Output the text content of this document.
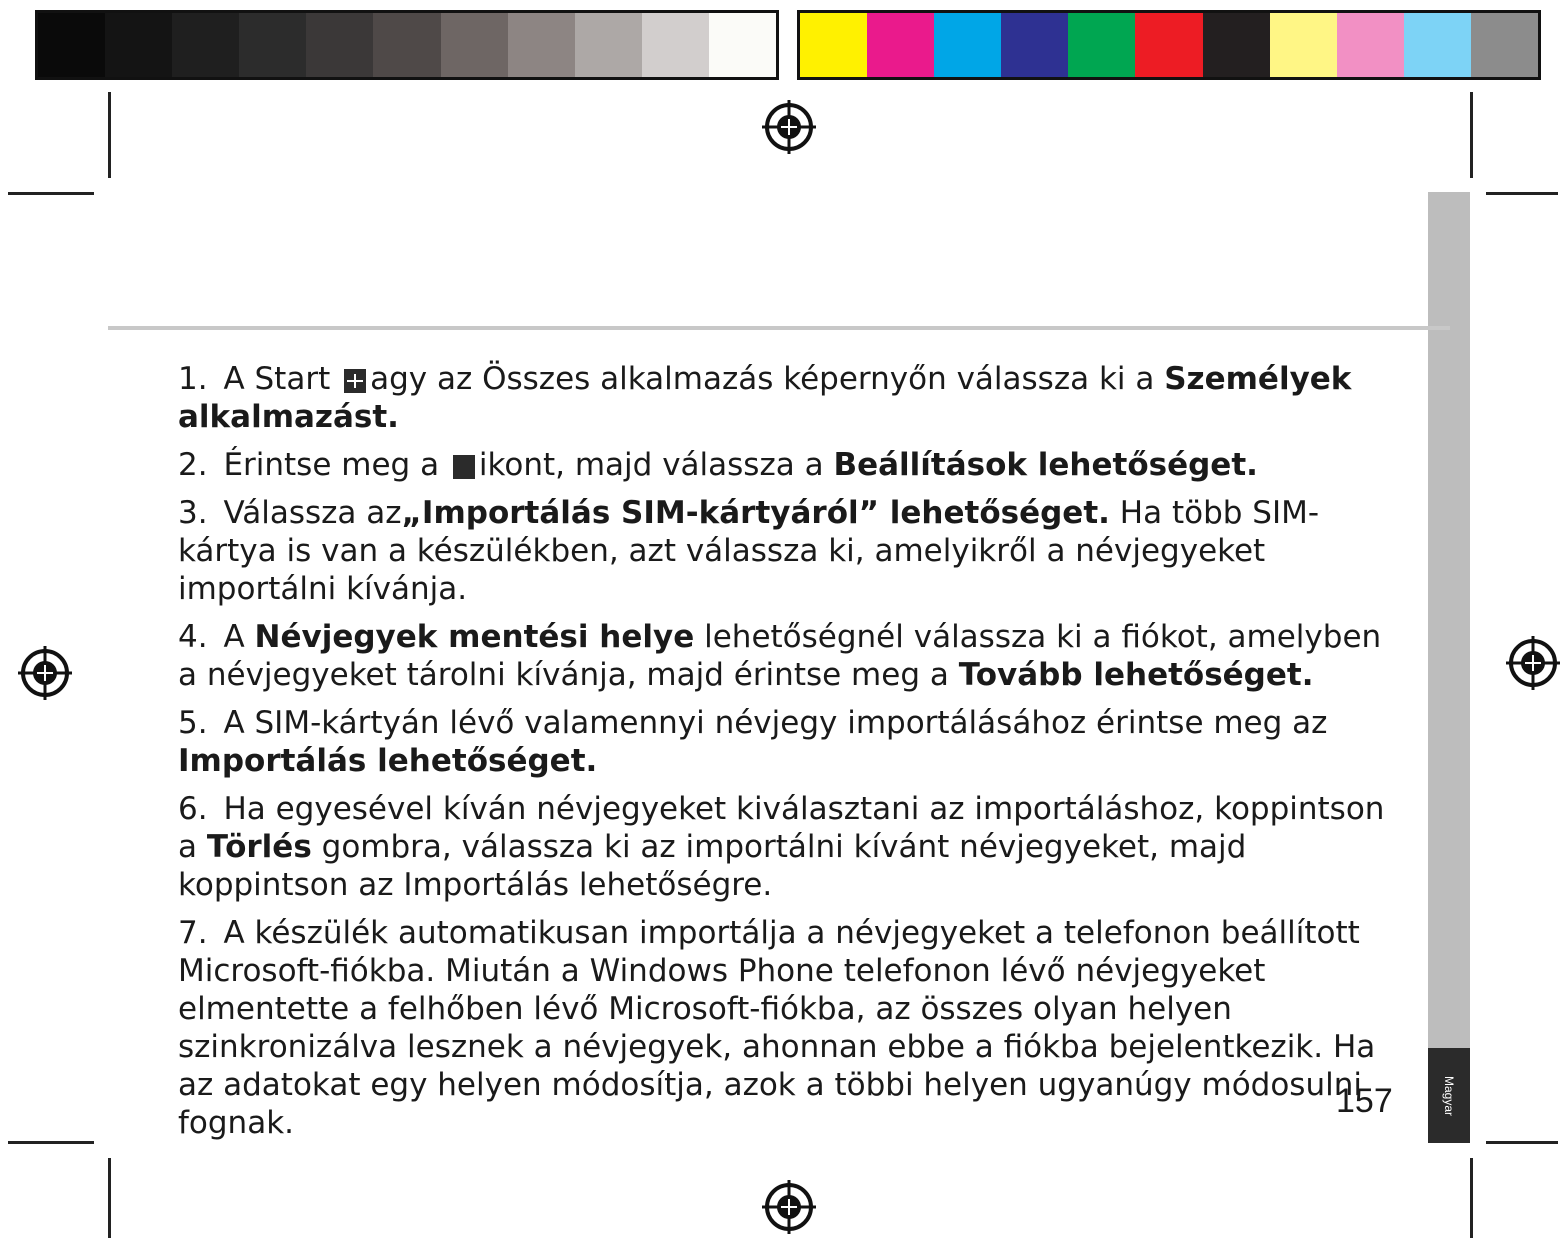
Magyar

1. A Start agy az Összes alkalmazás képernyőn válassza ki a Személyek alkalmazást.

2. Érintse meg a ikont, majd válassza a Beállítások lehetőséget.

3. Válassza az„Importálás SIM-kártyáról” lehetőséget. Ha több SIM-kártya is van a készülékben, azt válassza ki, amelyikről a névjegyeket importálni kívánja.

4. A Névjegyek mentési helye lehetőségnél válassza ki a fiókot, amelyben a névjegyeket tárolni kívánja, majd érintse meg a Tovább lehetőséget.

5. A SIM-kártyán lévő valamennyi névjegy importálásához érintse meg az Importálás lehetőséget.

6. Ha egyesével kíván névjegyeket kiválasztani az importáláshoz, koppintson a Törlés gombra, válassza ki az importálni kívánt névjegyeket, majd koppintson az Importálás lehetőségre.

7. A készülék automatikusan importálja a névjegyeket a telefonon beállított Microsoft-fiókba. Miután a Windows Phone telefonon lévő névjegyeket elmentette a felhőben lévő Microsoft-fiókba, az összes olyan helyen szinkronizálva lesznek a névjegyek, ahonnan ebbe a fiókba bejelentkezik. Ha az adatokat egy helyen módosítja, azok a többi helyen ugyanúgy módosulni fognak.

157
